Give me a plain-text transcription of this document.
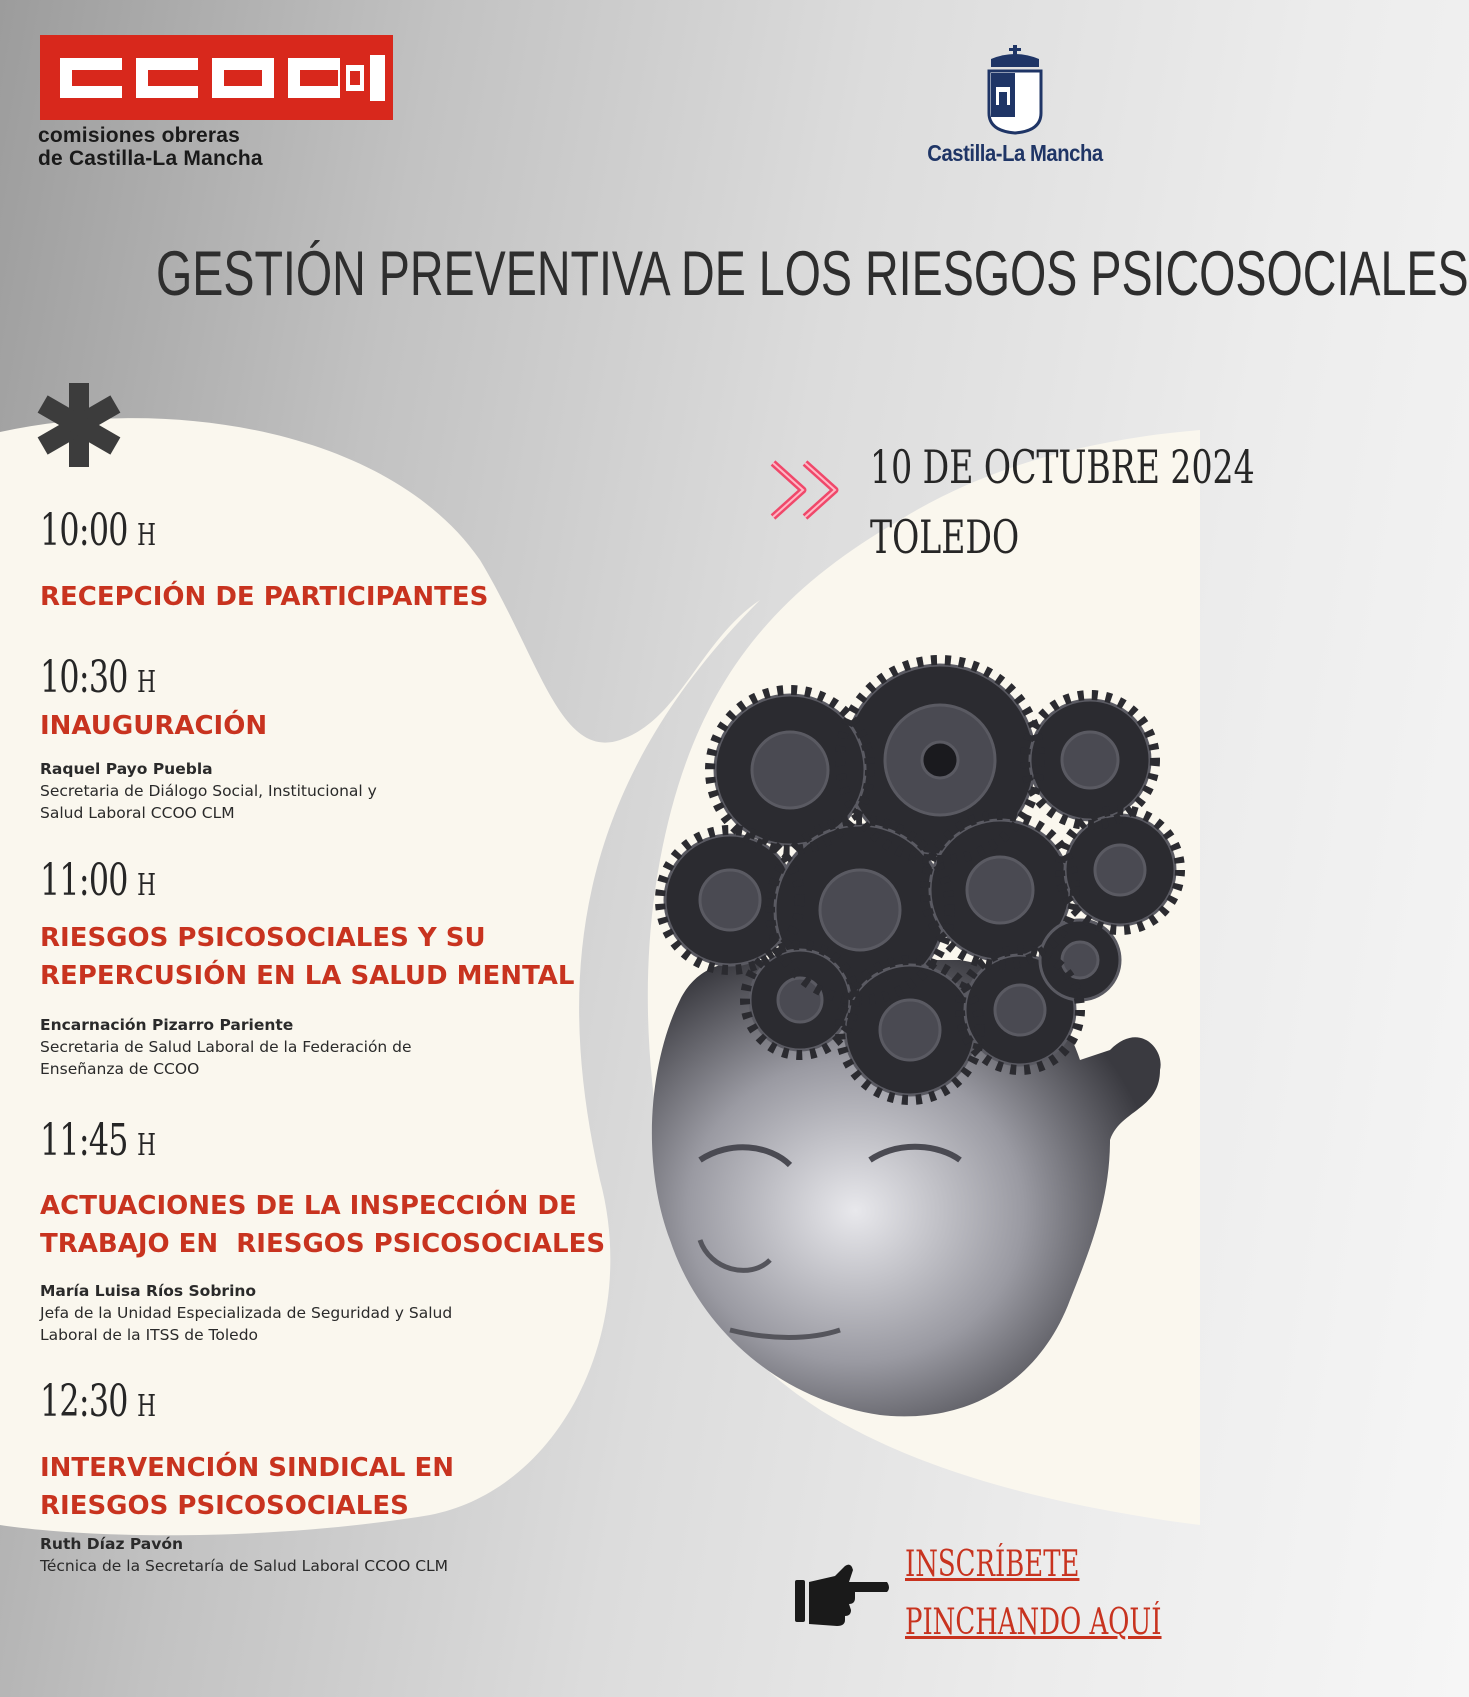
comisiones obreras
de Castilla-La Mancha	Castilla-La Mancha
GESTIÓN PREVENTIVA DE LOS RIESGOS PSICOSOCIALES
10:00 H
RECEPCIÓN DE PARTICIPANTES
10:30 H
INAUGURACIÓN
Raquel Payo Puebla
Secretaria de Diálogo Social, Institucional y
Salud Laboral CCOO CLM
11:00 H
RIESGOS PSICOSOCIALES Y SU
REPERCUSIÓN EN LA SALUD MENTAL
Encarnación Pizarro Pariente
Secretaria de Salud Laboral de la Federación de
Enseñanza de CCOO
11:45 H
ACTUACIONES DE LA INSPECCIÓN DE
TRABAJO EN  RIESGOS PSICOSOCIALES
María Luisa Ríos Sobrino
Jefa de la Unidad Especializada de Seguridad y Salud
Laboral de la ITSS de Toledo
12:30 H
INTERVENCIÓN SINDICAL EN
RIESGOS PSICOSOCIALES
Ruth Díaz Pavón
Técnica de la Secretaría de Salud Laboral CCOO CLM
10 DE OCTUBRE 2024
TOLEDO
INSCRÍBETE
PINCHANDO AQUÍ
